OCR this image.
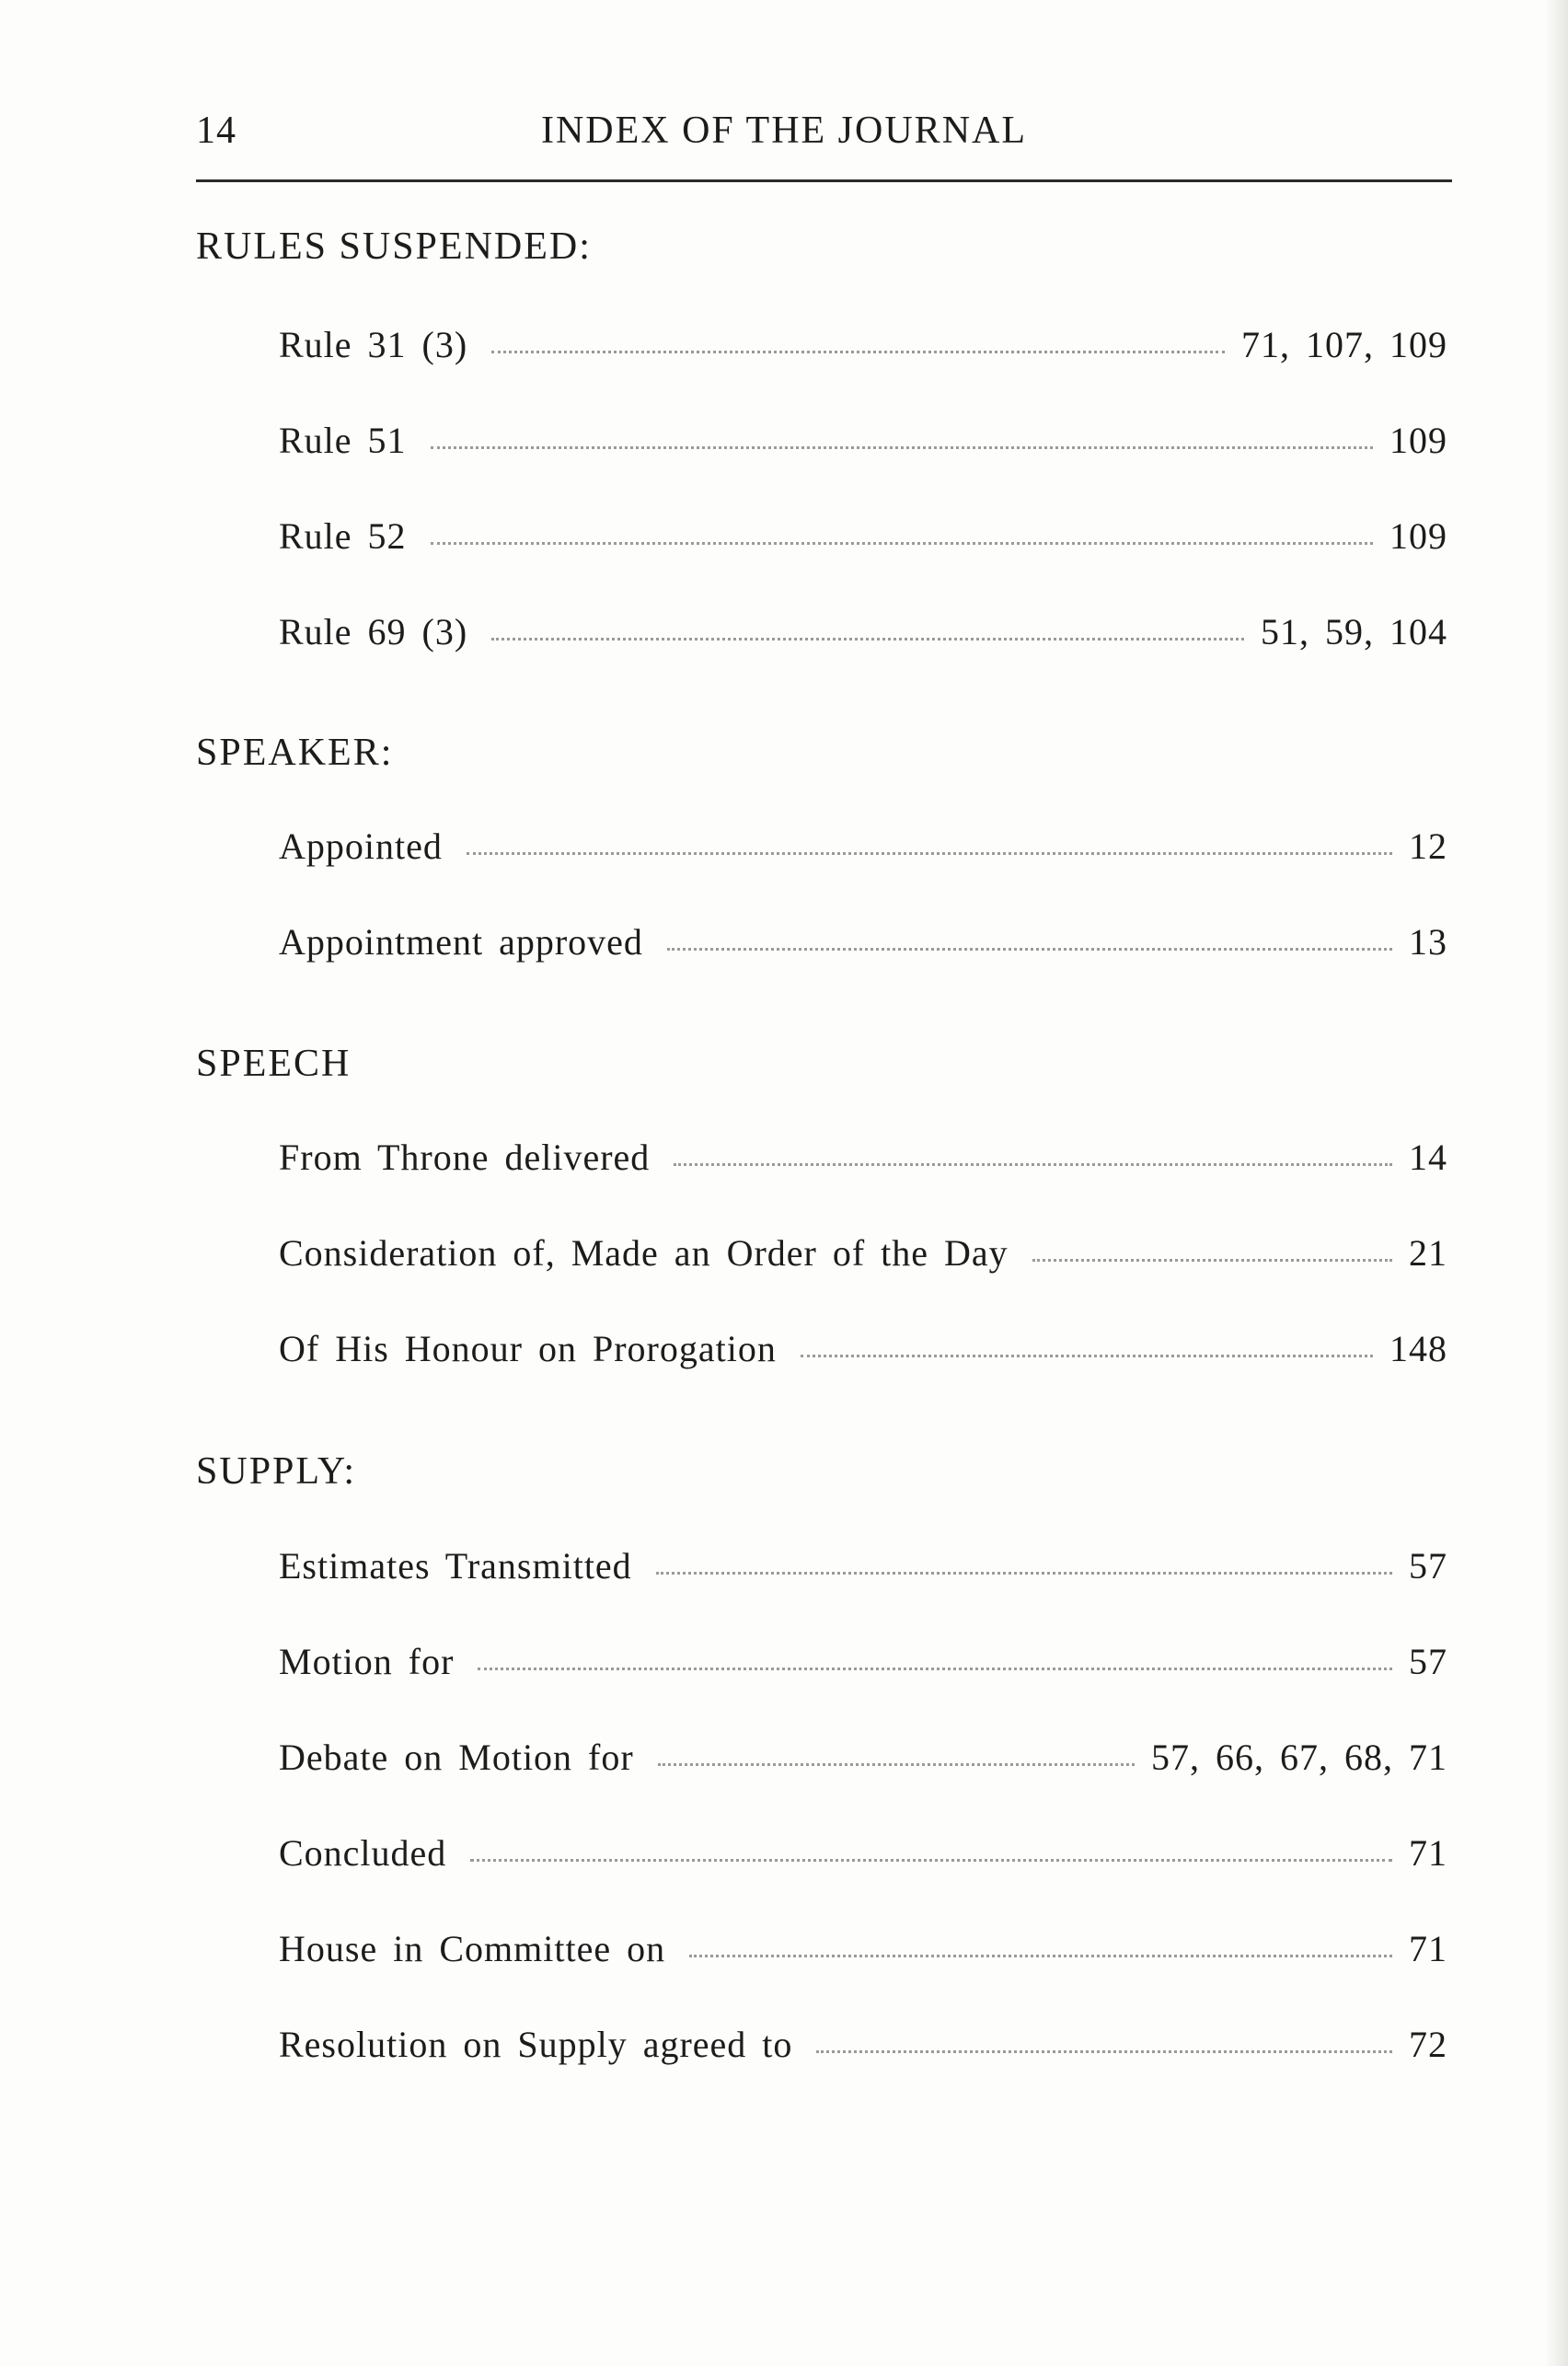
14	INDEX OF THE JOURNAL
RULES SUSPENDED:
Rule 31 (3)	71, 107, 109
Rule 51	109
Rule 52	109
Rule 69 (3)	51, 59, 104
SPEAKER:
Appointed	12
Appointment approved	13
SPEECH
From Throne delivered	14
Consideration of, Made an Order of the Day	21
Of His Honour on Prorogation	148
SUPPLY:
Estimates Transmitted	57
Motion for	57
Debate on Motion for	57, 66, 67, 68, 71
Concluded	71
House in Committee on	71
Resolution on Supply agreed to	72
